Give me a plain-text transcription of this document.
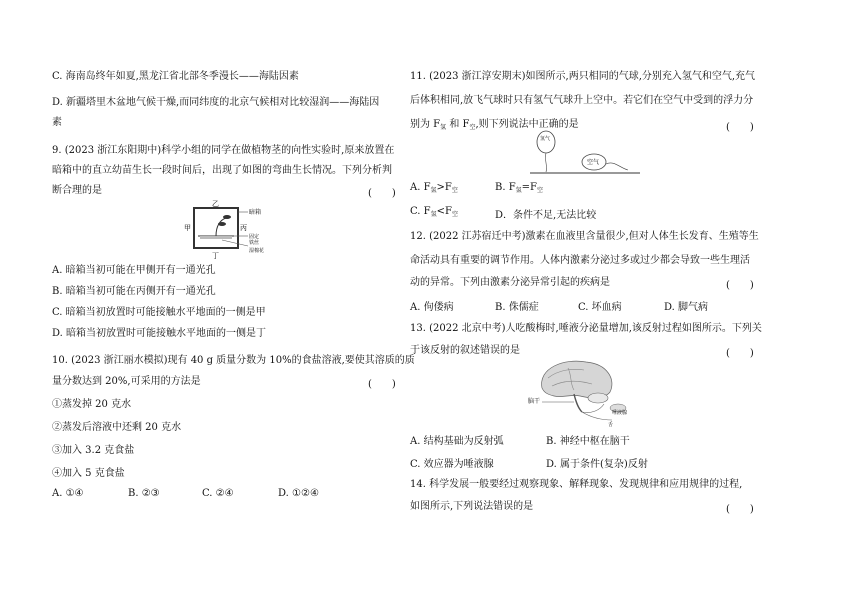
C. 海南岛终年如夏,黑龙江省北部冬季漫长——海陆因素
D. 新疆塔里木盆地气候干燥,而同纬度的北京气候相对比较湿润——海陆因
素
9. (2023 浙江东阳期中)科学小组的同学在做植物茎的向性实验时,原来放置在
暗箱中的直立幼苗生长一段时间后，出现了如图的弯曲生长情况。下列分析判
断合理的是	(　　)
乙
暗箱
甲	丙
丁
固定
铁丝
湿棉花
A. 暗箱当初可能在甲侧开有一通光孔
B. 暗箱当初可能在丙侧开有一通光孔
C. 暗箱当初放置时可能接触水平地面的一侧是甲
D. 暗箱当初放置时可能接触水平地面的一侧是丁
10. (2023 浙江丽水模拟)现有 40 g 质量分数为 10%的食盐溶液,要使其溶质的质
量分数达到 20%,可采用的方法是	(　　)
①蒸发掉 20 克水
②蒸发后溶液中还剩 20 克水
③加入 3.2 克食盐
④加入 5 克食盐
A. ①④	B. ②③	C. ②④	D. ①②④
11. (2023 浙江淳安期末)如图所示,两只相同的气球,分别充入氢气和空气,充气
后体积相同,放飞气球时只有氢气气球升上空中。若它们在空气中受到的浮力分
别为 $F_氢$ 和 $F_空$,则下列说法中正确的是	(　　)
氢气
空气
A. $F_氢>F_空$	B. $F_氢=F_空$
C. $F_氢<F_空$	D．条件不足,无法比较
12. (2022 江苏宿迁中考)激素在血液里含量很少,但对人体生长发育、生殖等生
命活动具有重要的调节作用。人体内激素分泌过多或过少都会导致一些生理活
动的异常。下列由激素分泌异常引起的疾病是	(　　)
A. 佝偻病	B. 侏儒症	C. 坏血病	D. 脚气病
13. (2022 北京中考)人吃酸梅时,唾液分泌量增加,该反射过程如图所示。下列关
于该反射的叙述错误的是	(　　)
脑干
唾液腺
舌
A. 结构基础为反射弧	B. 神经中枢在脑干
C. 效应器为唾液腺	D. 属于条件(复杂)反射
14. 科学发展一般要经过观察现象、解释现象、发现规律和应用规律的过程,
如图所示,下列说法错误的是	(　　)
